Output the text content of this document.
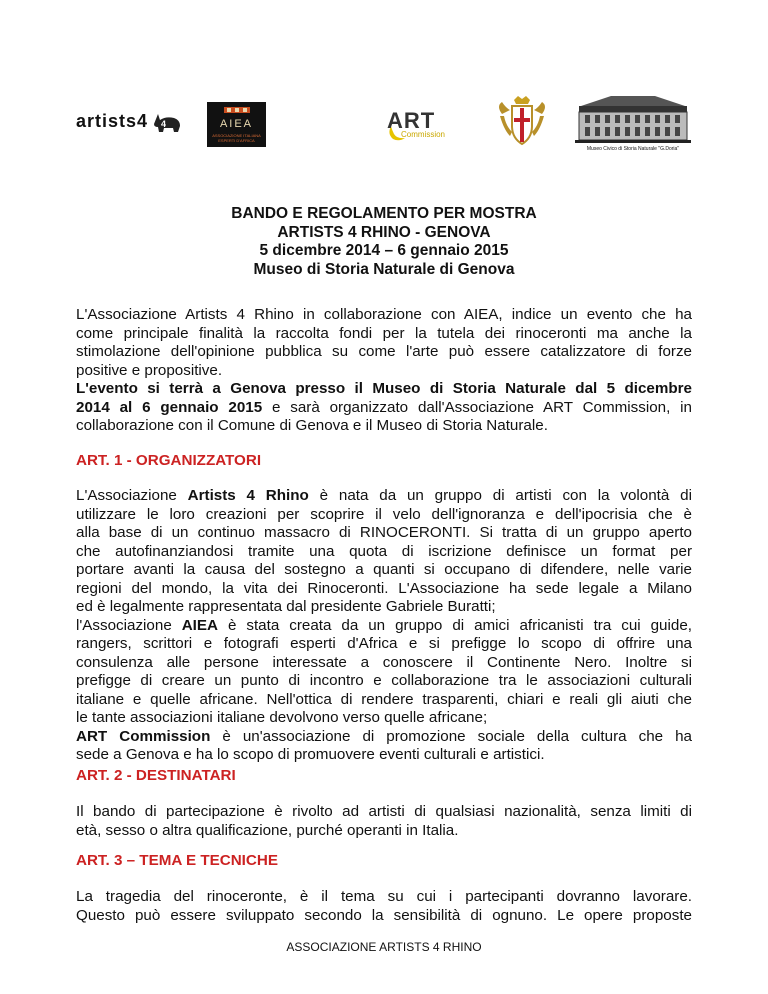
artists4 4	AIEA
ASSOCIAZIONE ITALIANA
ESPERTI D'AFRICA
ART
Commission
Museo Civico di Storia Naturale "G.Doria"
BANDO E REGOLAMENTO PER MOSTRA
ARTISTS 4 RHINO - GENOVA
5 dicembre 2014 – 6 gennaio 2015
Museo di Storia Naturale di Genova

L'Associazione Artists 4 Rhino in collaborazione con AIEA, indice un evento che ha
come principale finalità la raccolta fondi per la tutela dei rinoceronti ma anche la
stimolazione dell'opinione pubblica su come l'arte può essere catalizzatore di forze
positive e propositive.
L'evento si terrà a Genova presso il Museo di Storia Naturale dal 5 dicembre
2014 al 6 gennaio 2015 e sarà organizzato dall'Associazione ART Commission, in
collaborazione con il Comune di Genova e il Museo di Storia Naturale.

ART. 1 - ORGANIZZATORI

L'Associazione Artists 4 Rhino è nata da un gruppo di artisti con la volontà di
utilizzare le loro creazioni per scoprire il velo dell'ignoranza e dell'ipocrisia che è
alla base di un continuo massacro di RINOCERONTI. Si tratta di un gruppo aperto
che autofinanziandosi tramite una quota di iscrizione definisce un format per
portare avanti la causa del sostegno a quanti si occupano di difendere, nelle varie
regioni del mondo, la vita dei Rinoceronti. L'Associazione ha sede legale a Milano
ed è legalmente rappresentata dal presidente Gabriele Buratti;
l'Associazione AIEA è stata creata da un gruppo di amici africanisti tra cui guide,
rangers, scrittori e fotografi esperti d'Africa e si prefigge lo scopo di offrire una
consulenza alle persone interessate a conoscere il Continente Nero. Inoltre si
prefigge di creare un punto di incontro e collaborazione tra le associazioni culturali
italiane e quelle africane. Nell'ottica di rendere trasparenti, chiari e reali gli aiuti che
le tante associazioni italiane devolvono verso quelle africane;
ART Commission è un'associazione di promozione sociale della cultura che ha
sede a Genova e ha lo scopo di promuovere eventi culturali e artistici.

ART. 2 - DESTINATARI

Il bando di partecipazione è rivolto ad artisti di qualsiasi nazionalità, senza limiti di
età, sesso o altra qualificazione, purché operanti in Italia.

ART. 3 – TEMA E TECNICHE

La tragedia del rinoceronte, è il tema su cui i partecipanti dovranno lavorare.
Questo può essere sviluppato secondo la sensibilità di ognuno. Le opere proposte

ASSOCIAZIONE ARTISTS 4 RHINO
